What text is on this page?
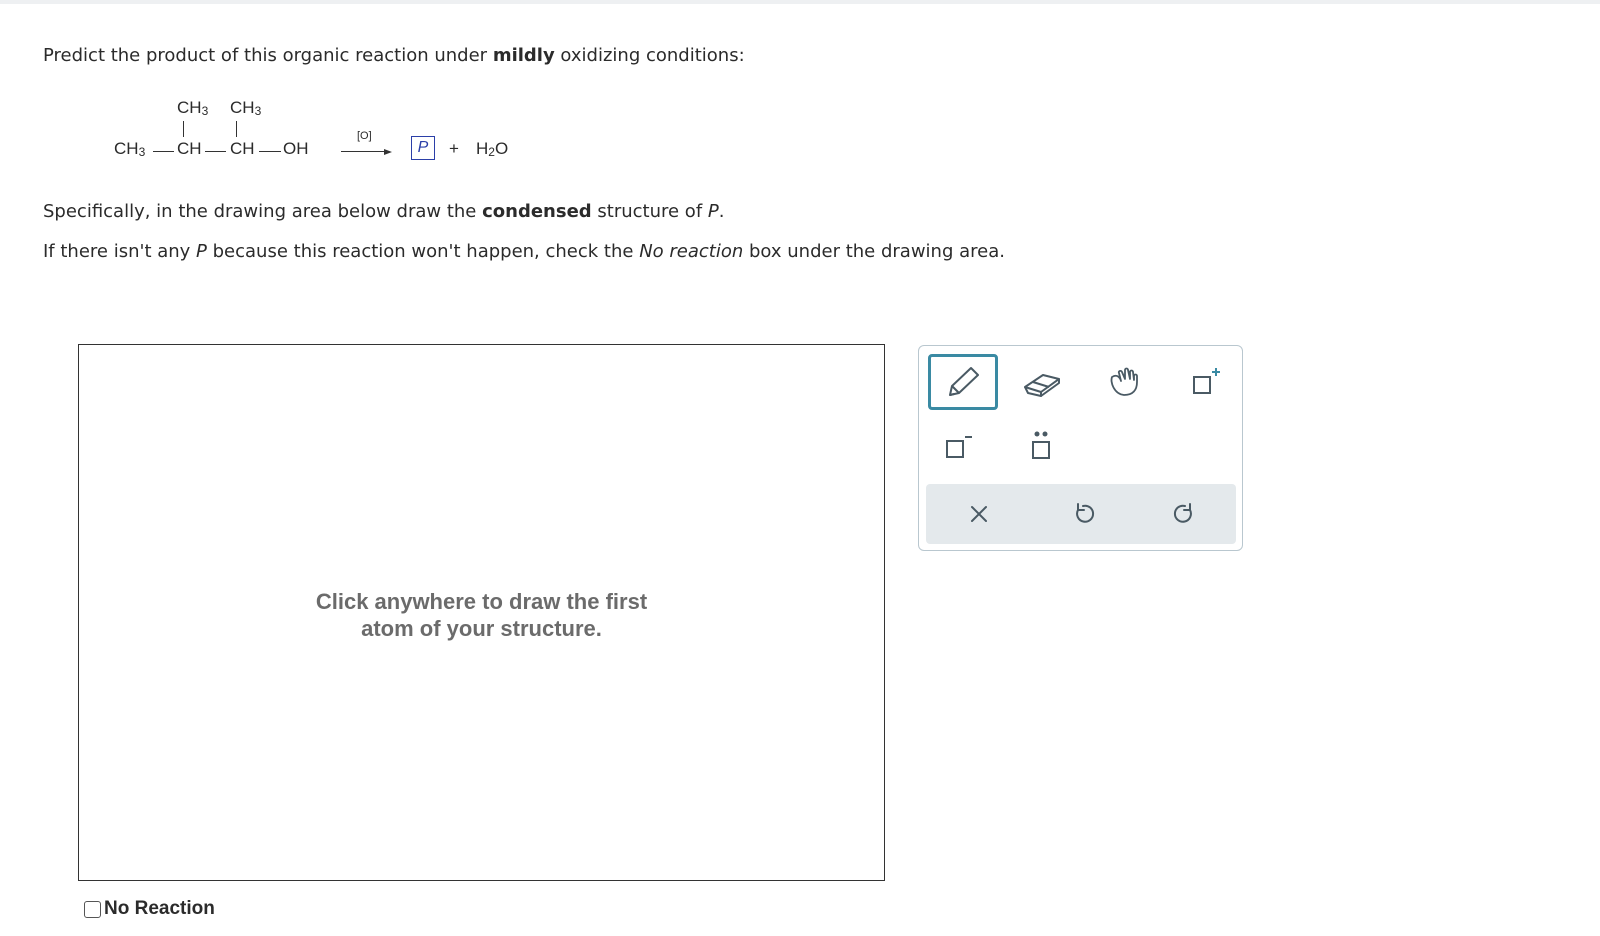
Predict the product of this organic reaction under mildly oxidizing conditions:
$CH_3$ $CH_3$
$CH_3$ CH CH OH
[O]
P	+ $H_2O$
Specifically, in the drawing area below draw the condensed structure of P.
If there isn't any P because this reaction won't happen, check the No reaction box under the drawing area.
Click anywhere to draw the first
atom of your structure.
No Reaction
